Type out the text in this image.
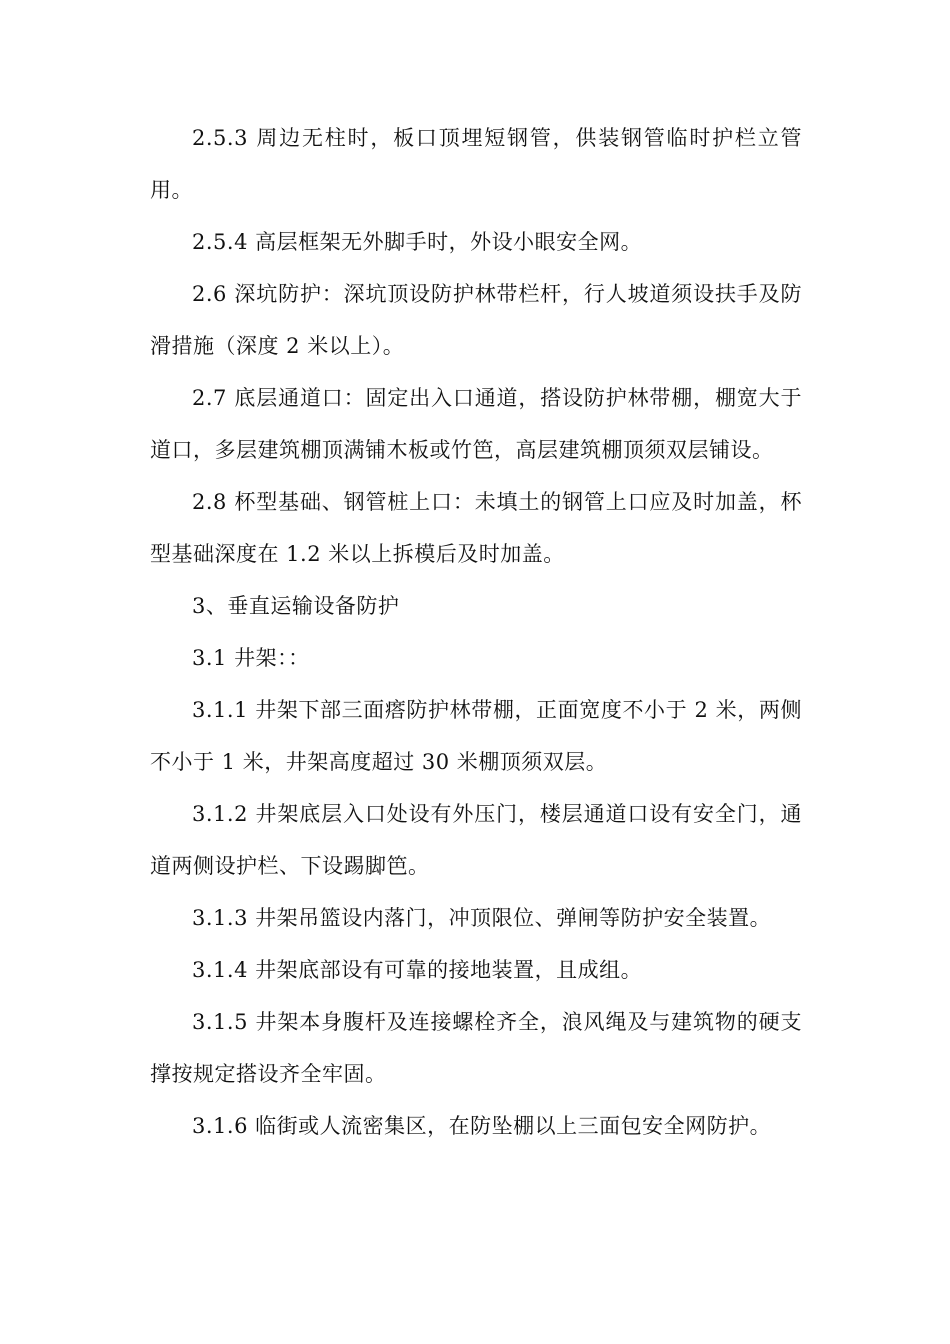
2.5.3 周边无柱时，板口顶埋短钢管，供装钢管临时护栏立管用。

2.5.4 高层框架无外脚手时，外设小眼安全网。

2.6 深坑防护：深坑顶设防护林带栏杆，行人坡道须设扶手及防滑措施（深度 2 米以上）。

2.7 底层通道口：固定出入口通道，搭设防护林带棚，棚宽大于道口，多层建筑棚顶满铺木板或竹笆，高层建筑棚顶须双层铺设。

2.8 杯型基础、钢管桩上口：未填土的钢管上口应及时加盖，杯型基础深度在 1.2 米以上拆模后及时加盖。

3、垂直运输设备防护

3.1 井架：：

3.1.1 井架下部三面瘩防护林带棚，正面宽度不小于 2 米，两侧不小于 1 米，井架高度超过 30 米棚顶须双层。

3.1.2 井架底层入口处设有外压门，楼层通道口设有安全门，通道两侧设护栏、下设踢脚笆。

3.1.3 井架吊篮设内落门，冲顶限位、弹闸等防护安全装置。

3.1.4 井架底部设有可靠的接地装置，且成组。

3.1.5 井架本身腹杆及连接螺栓齐全，浪风绳及与建筑物的硬支撑按规定搭设齐全牢固。

3.1.6 临街或人流密集区，在防坠棚以上三面包安全网防护。
